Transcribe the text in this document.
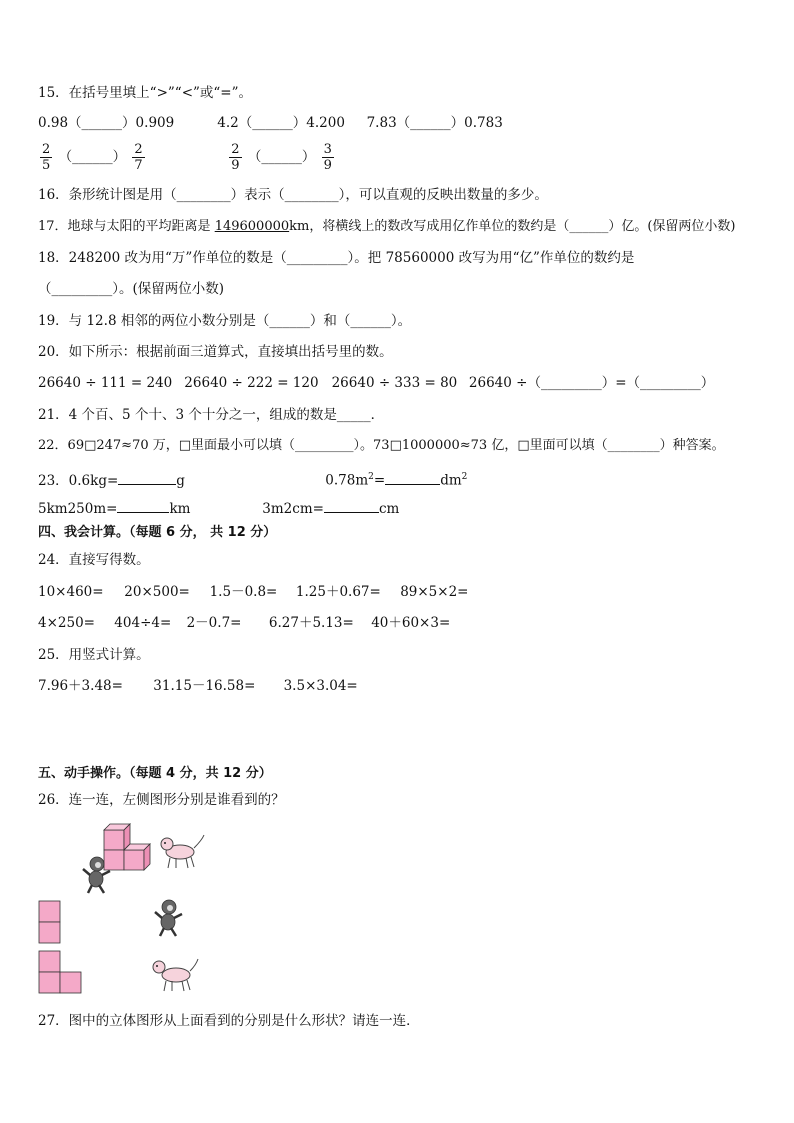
15．在括号里填上“>”“<”或“=”。
0.98（______）0.909	4.2（______）4.200 7.83（______）0.783
$\frac{2}{5}$ （______） $\frac{2}{7}$
	$\frac{2}{9}$ （______） $\frac{3}{9}$
16．条形统计图是用（________）表示（________），可以直观的反映出数量的多少。
17．地球与太阳的平均距离是 149600000km，将横线上的数改写成用亿作单位的数约是（______）亿。(保留两位小数)
18．248200 改为用“万”作单位的数是（_________）。把 78560000 改写为用“亿”作单位的数约是
（_________）。(保留两位小数)
19．与 12.8 相邻的两位小数分别是（______）和（______）。
20．如下所示：根据前面三道算式，直接填出括号里的数。
26640 ÷ 111 = 240 26640 ÷ 222 = 120 26640 ÷ 333 = 80 26640 ÷（_________）=（_________）
21．4 个百、5 个十、3 个十分之一，组成的数是_____．
22．69□247≈70 万，□里面最小可以填（_________）。73□1000000≈73 亿，□里面可以填（________）种答案。
23．0.6kg=	g	$0.78m^2=$	$dm^2$
5km250m=	km	3m2cm=	cm
四、我会计算。（每题 6 分， 共 12 分）
24．直接写得数。
10×460= 20×500= 1.5－0.8= 1.25＋0.67= 89×5×2=
4×250= 404÷4= 2－0.7= 6.27＋5.13= 40＋60×3=
25．用竖式计算。
7.96＋3.48= 31.15－16.58= 3.5×3.04=
五、动手操作。（每题 4 分，共 12 分）
26．连一连，左侧图形分别是谁看到的？
27．图中的立体图形从上面看到的分别是什么形状？请连一连．
